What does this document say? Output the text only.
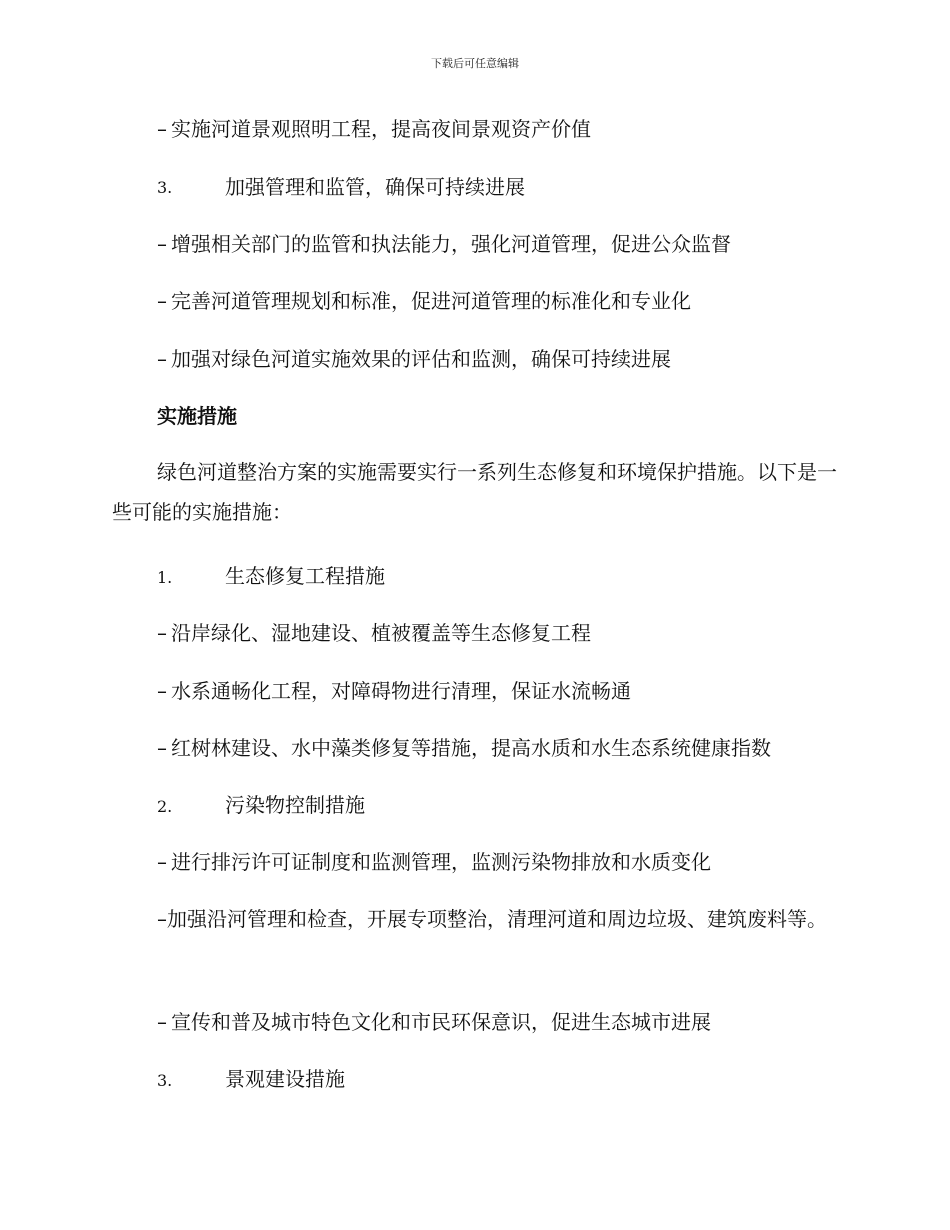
下载后可任意编辑
– 实施河道景观照明工程，提高夜间景观资产价值
3.	加强管理和监管，确保可持续进展
– 增强相关部门的监管和执法能力，强化河道管理，促进公众监督
– 完善河道管理规划和标准，促进河道管理的标准化和专业化
– 加强对绿色河道实施效果的评估和监测，确保可持续进展
实施措施
绿色河道整治方案的实施需要实行一系列生态修复和环境保护措施。以下是一些可能的实施措施：
1.	生态修复工程措施
– 沿岸绿化、湿地建设、植被覆盖等生态修复工程
– 水系通畅化工程，对障碍物进行清理，保证水流畅通
– 红树林建设、水中藻类修复等措施，提高水质和水生态系统健康指数
2.	污染物控制措施
– 进行排污许可证制度和监测管理，监测污染物排放和水质变化
–加强沿河管理和检查，开展专项整治，清理河道和周边垃圾、建筑废料等。
– 宣传和普及城市特色文化和市民环保意识，促进生态城市进展
3.	景观建设措施
